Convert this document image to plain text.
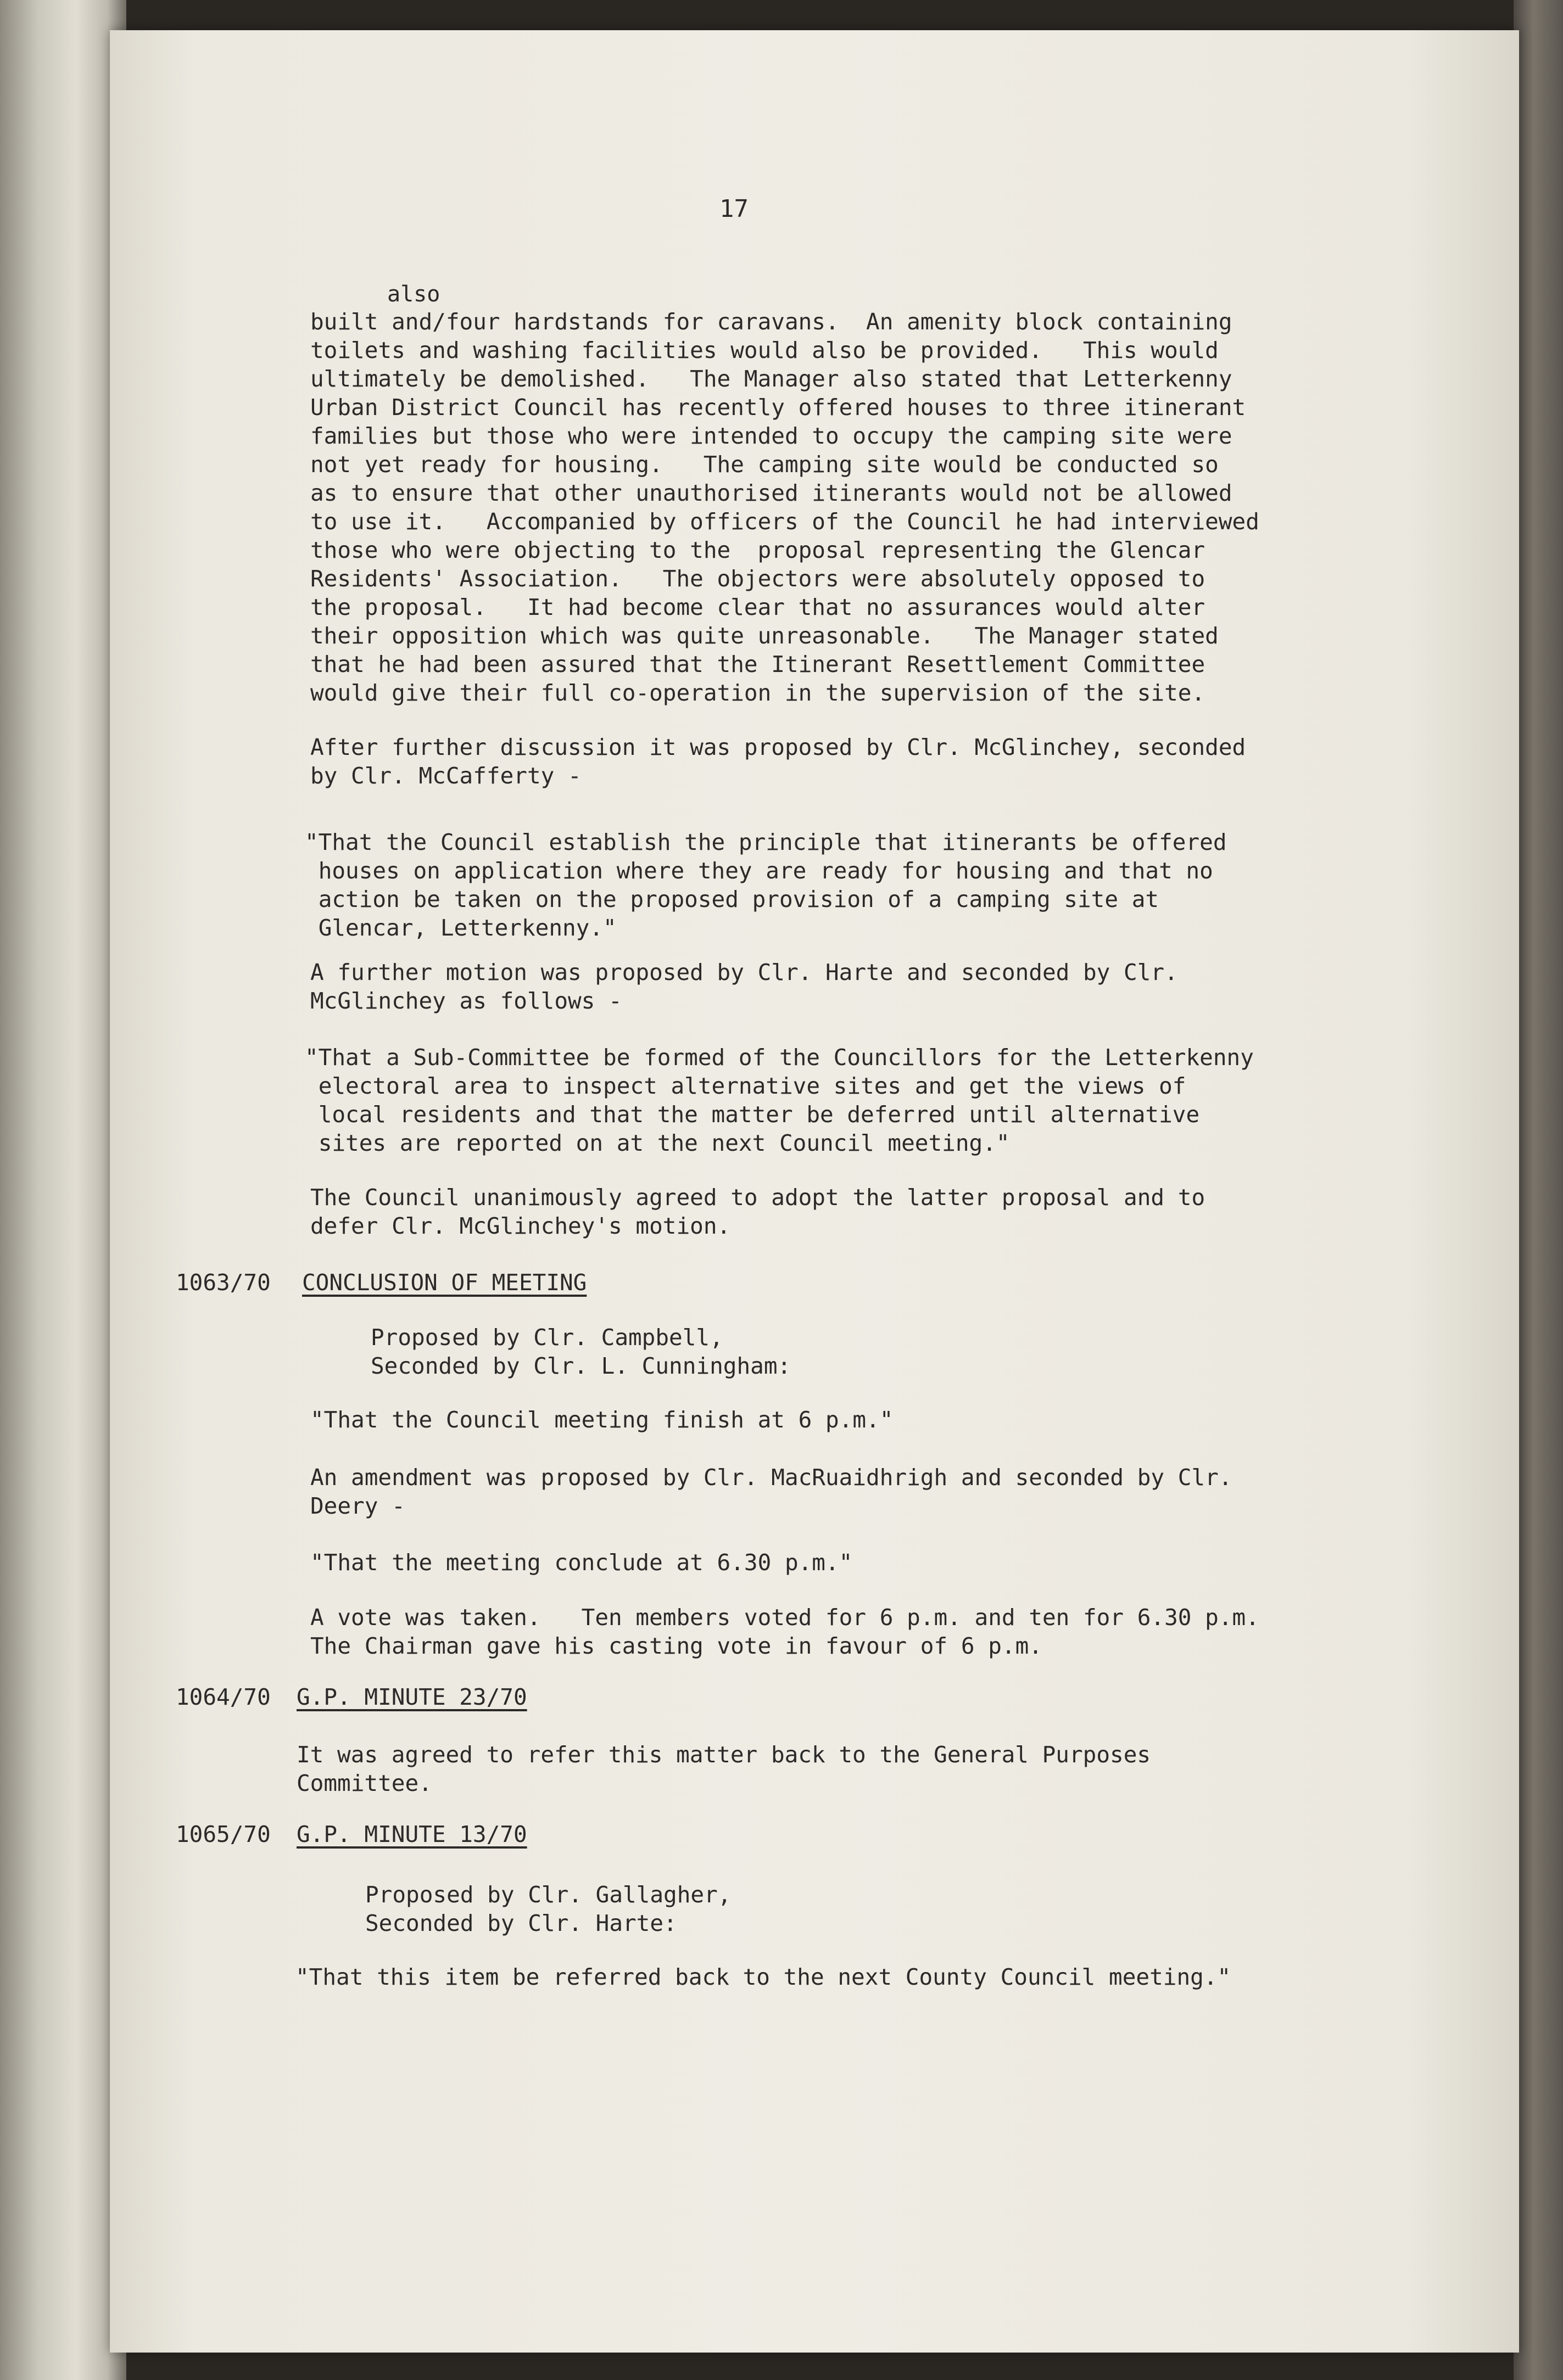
17
also

built and/four hardstands for caravans.  An amenity block containing

toilets and washing facilities would also be provided.   This would

ultimately be demolished.   The Manager also stated that Letterkenny

Urban District Council has recently offered houses to three itinerant

families but those who were intended to occupy the camping site were

not yet ready for housing.   The camping site would be conducted so

as to ensure that other unauthorised itinerants would not be allowed

to use it.   Accompanied by officers of the Council he had interviewed

those who were objecting to the  proposal representing the Glencar

Residents' Association.   The objectors were absolutely opposed to

the proposal.   It had become clear that no assurances would alter

their opposition which was quite unreasonable.   The Manager stated

that he had been assured that the Itinerant Resettlement Committee

would give their full co-operation in the supervision of the site.

After further discussion it was proposed by Clr. McGlinchey, seconded

by Clr. McCafferty -

"That the Council establish the principle that itinerants be offered

houses on application where they are ready for housing and that no

action be taken on the proposed provision of a camping site at

Glencar, Letterkenny."

A further motion was proposed by Clr. Harte and seconded by Clr.

McGlinchey as follows -

"That a Sub-Committee be formed of the Councillors for the Letterkenny

electoral area to inspect alternative sites and get the views of

local residents and that the matter be deferred until alternative

sites are reported on at the next Council meeting."

The Council unanimously agreed to adopt the latter proposal and to

defer Clr. McGlinchey's motion.

1063/70 CONCLUSION OF MEETING

Proposed by Clr. Campbell,

Seconded by Clr. L. Cunningham:

"That the Council meeting finish at 6 p.m."

An amendment was proposed by Clr. MacRuaidhrigh and seconded by Clr.

Deery -

"That the meeting conclude at 6.30 p.m."

A vote was taken.   Ten members voted for 6 p.m. and ten for 6.30 p.m.

The Chairman gave his casting vote in favour of 6 p.m.

1064/70 G.P. MINUTE 23/70

It was agreed to refer this matter back to the General Purposes

Committee.

1065/70 G.P. MINUTE 13/70

Proposed by Clr. Gallagher,

Seconded by Clr. Harte:

"That this item be referred back to the next County Council meeting."
